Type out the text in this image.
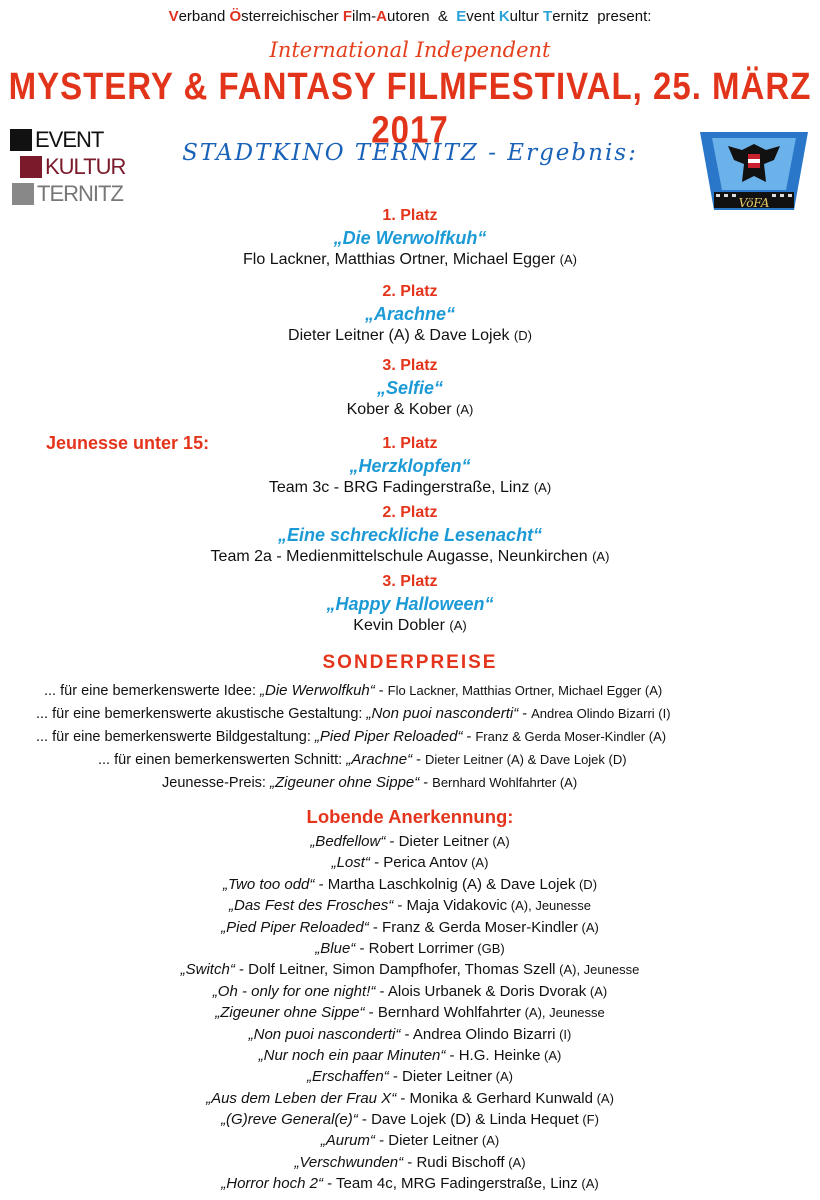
Verband Österreichischer Film-Autoren & Event Kultur Ternitz present:
International Independent
MYSTERY & FANTASY FILMFESTIVAL, 25. MÄRZ 2017
STADTKINO TERNITZ - Ergebnis:
EVENT
KULTUR
TERNITZ	VöFA
1. Platz
„Die Werwolfkuh“
Flo Lackner, Matthias Ortner, Michael Egger (A)
2. Platz
„Arachne“
Dieter Leitner (A) & Dave Lojek (D)
3. Platz
„Selfie“
Kober & Kober (A)
Jeunesse unter 15:	1. Platz
„Herzklopfen“
Team 3c - BRG Fadingerstraße, Linz (A)
2. Platz
„Eine schreckliche Lesenacht“
Team 2a - Medienmittelschule Augasse, Neunkirchen (A)
3. Platz
„Happy Halloween“
Kevin Dobler (A)
SONDERPREISE
... für eine bemerkenswerte Idee: „Die Werwolfkuh“ - Flo Lackner, Matthias Ortner, Michael Egger (A)
... für eine bemerkenswerte akustische Gestaltung: „Non puoi nasconderti“ - Andrea Olindo Bizarri (I)
... für eine bemerkenswerte Bildgestaltung: „Pied Piper Reloaded“ - Franz & Gerda Moser-Kindler (A)
... für einen bemerkenswerten Schnitt: „Arachne“ - Dieter Leitner (A) & Dave Lojek (D)
Jeunesse-Preis: „Zigeuner ohne Sippe“ - Bernhard Wohlfahrter (A)
Lobende Anerkennung:
„Bedfellow“ - Dieter Leitner (A)
„Lost“ - Perica Antov (A)
„Two too odd“ - Martha Laschkolnig (A) & Dave Lojek (D)
„Das Fest des Frosches“ - Maja Vidakovic (A), Jeunesse
„Pied Piper Reloaded“ - Franz & Gerda Moser-Kindler (A)
„Blue“ - Robert Lorrimer (GB)
„Switch“ - Dolf Leitner, Simon Dampfhofer, Thomas Szell (A), Jeunesse
„Oh - only for one night!“ - Alois Urbanek & Doris Dvorak (A)
„Zigeuner ohne Sippe“ - Bernhard Wohlfahrter (A), Jeunesse
„Non puoi nasconderti“ - Andrea Olindo Bizarri (I)
„Nur noch ein paar Minuten“ - H.G. Heinke (A)
„Erschaffen“ - Dieter Leitner (A)
„Aus dem Leben der Frau X“ - Monika & Gerhard Kunwald (A)
„(G)reve General(e)“ - Dave Lojek (D) & Linda Hequet (F)
„Aurum“ - Dieter Leitner (A)
„Verschwunden“ - Rudi Bischoff (A)
„Horror hoch 2“ - Team 4c, MRG Fadingerstraße, Linz (A)
